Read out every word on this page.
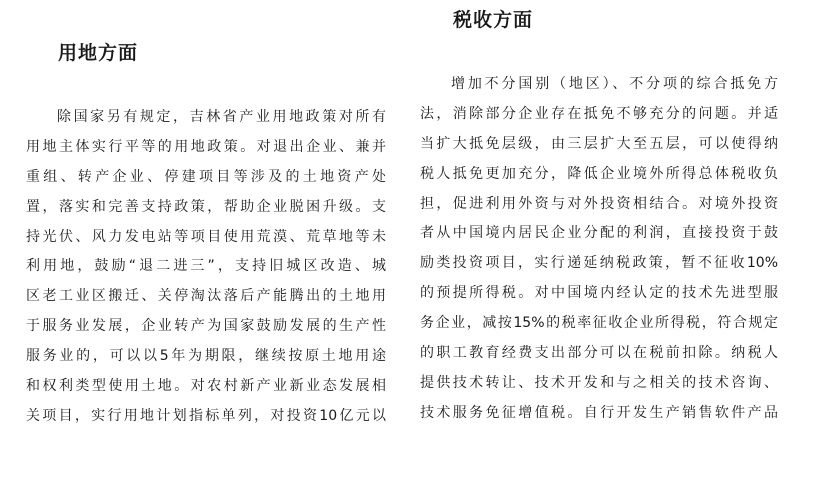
用地方面
除国家另有规定，吉林省产业用地政策对所有
用地主体实行平等的用地政策。对退出企业、兼并
重组、转产企业、停建项目等涉及的土地资产处
置，落实和完善支持政策，帮助企业脱困升级。支
持光伏、风力发电站等项目使用荒漠、荒草地等未
利用地，鼓励“退二进三”，支持旧城区改造、城
区老工业区搬迁、关停淘汰落后产能腾出的土地用
于服务业发展，企业转产为国家鼓励发展的生产性
服务业的，可以以5年为期限，继续按原土地用途
和权利类型使用土地。对农村新产业新业态发展相
关项目，实行用地计划指标单列，对投资10亿元以
税收方面
增加不分国别（地区）、不分项的综合抵免方
法，消除部分企业存在抵免不够充分的问题。并适
当扩大抵免层级，由三层扩大至五层，可以使得纳
税人抵免更加充分，降低企业境外所得总体税收负
担，促进利用外资与对外投资相结合。对境外投资
者从中国境内居民企业分配的利润，直接投资于鼓
励类投资项目，实行递延纳税政策，暂不征收10%
的预提所得税。对中国境内经认定的技术先进型服
务企业，减按15%的税率征收企业所得税，符合规定
的职工教育经费支出部分可以在税前扣除。纳税人
提供技术转让、技术开发和与之相关的技术咨询、
技术服务免征增值税。自行开发生产销售软件产品
